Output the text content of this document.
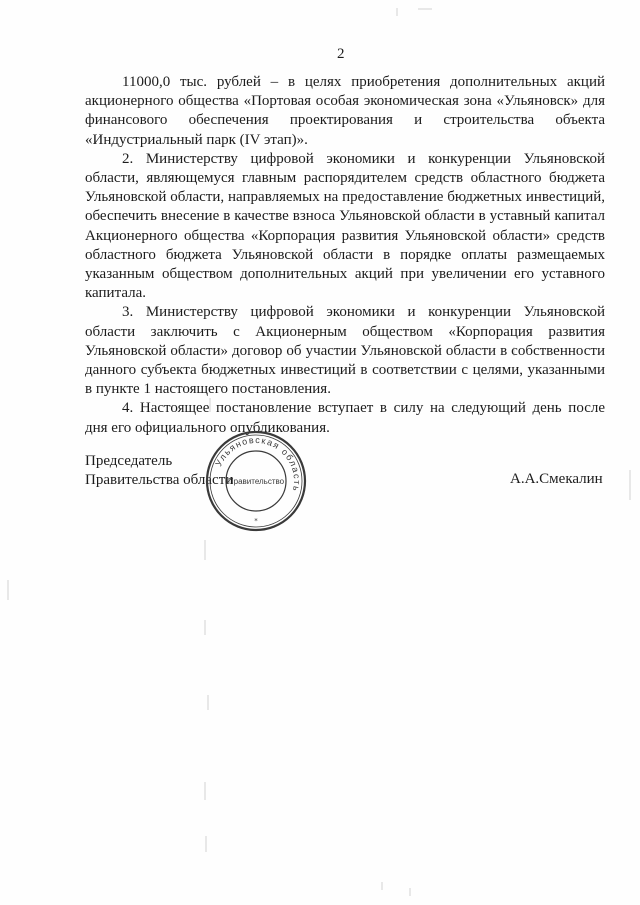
2

11000,0 тыс. рублей – в целях приобретения дополнительных акций акционерного общества «Портовая особая экономическая зона «Ульяновск» для финансового обеспечения проектирования и строительства объекта «Индустриальный парк (IV этап)».

2. Министерству цифровой экономики и конкуренции Ульяновской области, являющемуся главным распорядителем средств областного бюджета Ульяновской области, направляемых на предоставление бюджетных инвестиций, обеспечить внесение в качестве взноса Ульяновской области в уставный капитал Акционерного общества «Корпорация развития Ульяновской области» средств областного бюджета Ульяновской области в порядке оплаты размещаемых указанным обществом дополнительных акций при увеличении его уставного капитала.

3. Министерству цифровой экономики и конкуренции Ульяновской области заключить с Акционерным обществом «Корпорация развития Ульяновской области» договор об участии Ульяновской области в собственности данного субъекта бюджетных инвестиций в соответствии с целями, указанными в пункте 1 настоящего постановления.

4. Настоящее постановление вступает в силу на следующий день после дня его официального опубликования.

Председатель
Правительства области	А.А.Смекалин
Ульяновская область
Правительство
*
